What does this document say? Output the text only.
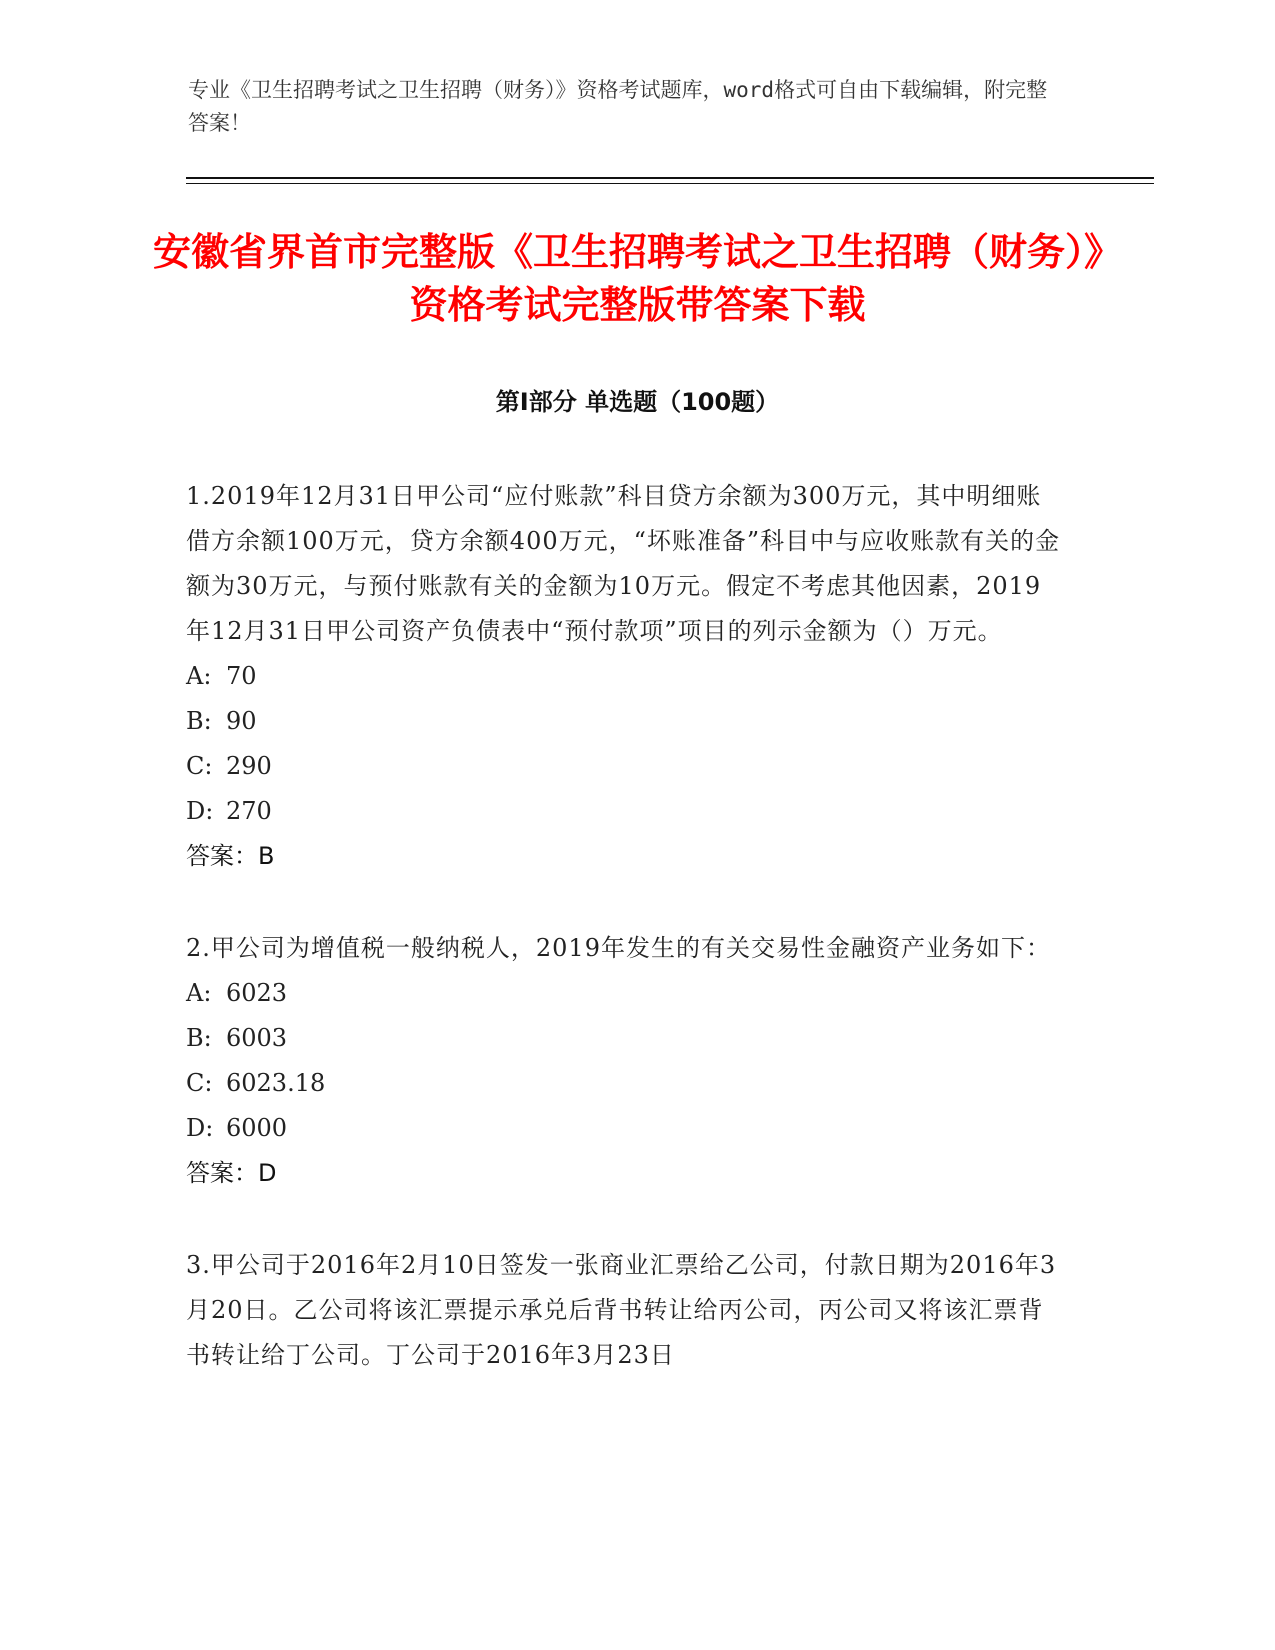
专业《卫生招聘考试之卫生招聘（财务）》资格考试题库，word格式可自由下载编辑，附完整答案！
安徽省界首市完整版《卫生招聘考试之卫生招聘（财务）》资格考试完整版带答案下载
第Ⅰ部分 单选题（100题）
1.2019年12月31日甲公司“应付账款”科目贷方余额为300万元，其中明细账借方余额100万元，贷方余额400万元，“坏账准备”科目中与应收账款有关的金额为30万元，与预付账款有关的金额为10万元。假定不考虑其他因素，2019年12月31日甲公司资产负债表中“预付款项”项目的列示金额为（）万元。
A: 70
B: 90
C: 290
D: 270
答案：B
2.甲公司为增值税一般纳税人，2019年发生的有关交易性金融资产业务如下：
A: 6023
B: 6003
C: 6023.18
D: 6000
答案：D
3.甲公司于2016年2月10日签发一张商业汇票给乙公司，付款日期为2016年3月20日。乙公司将该汇票提示承兑后背书转让给丙公司，丙公司又将该汇票背书转让给丁公司。丁公司于2016年3月23日
